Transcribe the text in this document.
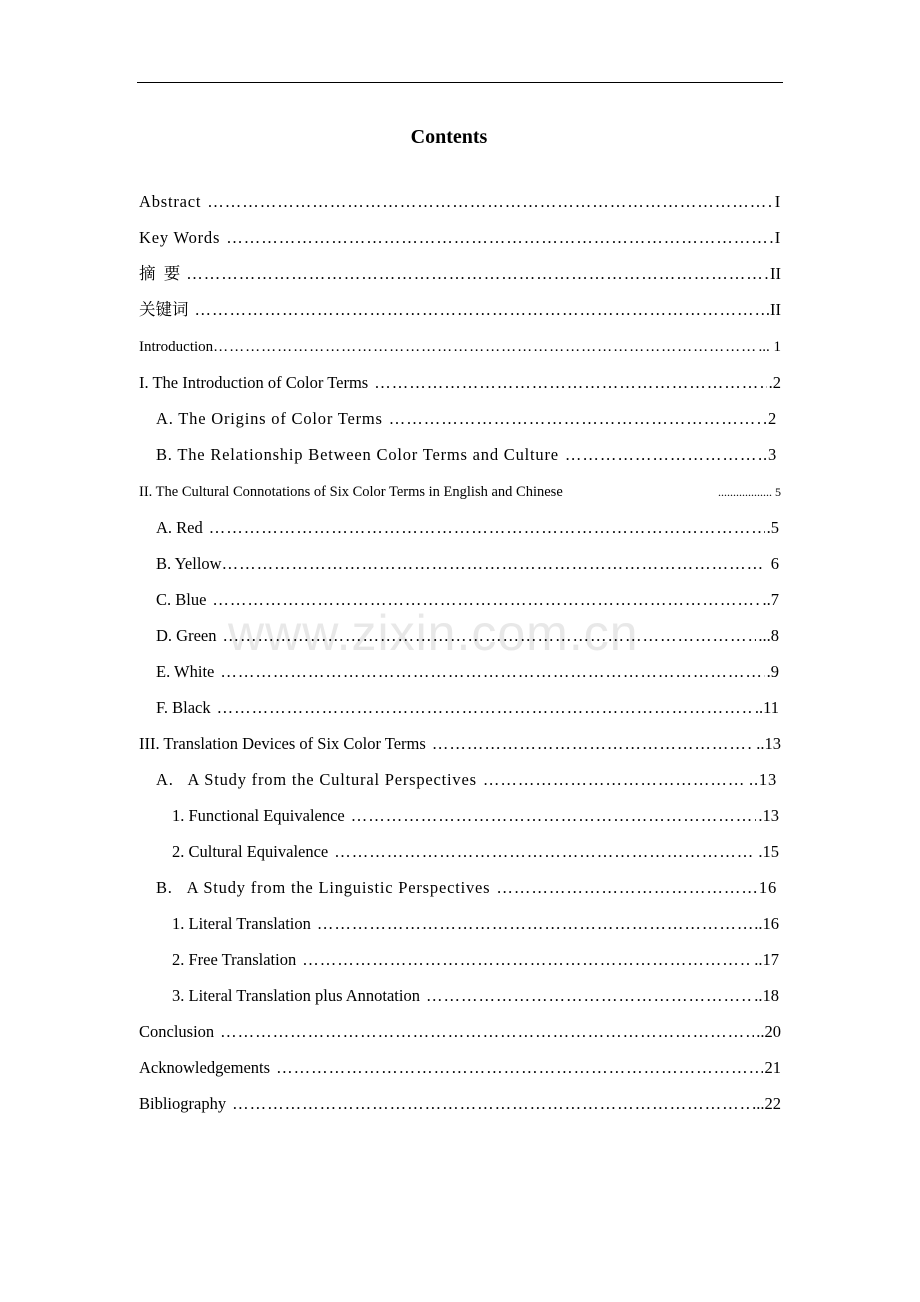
Contents
www.zixin.com.cn
Abstract ……………………………………………………………………………………………………………………………………………………………………	I
Key Words ……………………………………………………………………………………………………………………………………………………………………	I
摘  要 ……………………………………………………………………………………………………………………………………………………………………	II
关键词 ……………………………………………………………………………………………………………………………………………………………………	.II
Introduction ……………………………………………………………………………………………………………………………………………………………………	... 1
I. The Introduction of Color Terms ……………………………………………………………………………………………………………………………………………………………………	.2
A. The Origins of Color Terms ……………………………………………………………………………………………………………………………………………………………………	.2
B. The Relationship Between Color Terms and Culture ……………………………………………………………………………………………………………………………………………………………………	.3
II. The Cultural Connotations of Six Color Terms in English and Chinese	.................. 5
A. Red ……………………………………………………………………………………………………………………………………………………………………	.5
B. Yellow ……………………………………………………………………………………………………………………………………………………………………	6
C. Blue ……………………………………………………………………………………………………………………………………………………………………	..7
D. Green ……………………………………………………………………………………………………………………………………………………………………	...8
E. White ……………………………………………………………………………………………………………………………………………………………………	.9
F. Black ……………………………………………………………………………………………………………………………………………………………………	..11
III. Translation Devices of Six Color Terms ……………………………………………………………………………………………………………………………………………………………………	..13
A.   A Study from the Cultural Perspectives ……………………………………………………………………………………………………………………………………………………………………	..13
1. Functional Equivalence ……………………………………………………………………………………………………………………………………………………………………	.13
2. Cultural Equivalence ……………………………………………………………………………………………………………………………………………………………………	.15
B.   A Study from the Linguistic Perspectives ……………………………………………………………………………………………………………………………………………………………………	16
1. Literal Translation ……………………………………………………………………………………………………………………………………………………………………	..16
2. Free Translation ……………………………………………………………………………………………………………………………………………………………………	..17
3. Literal Translation plus Annotation ……………………………………………………………………………………………………………………………………………………………………	..18
Conclusion ……………………………………………………………………………………………………………………………………………………………………	..20
Acknowledgements ……………………………………………………………………………………………………………………………………………………………………	21
Bibliography ……………………………………………………………………………………………………………………………………………………………………	...22
